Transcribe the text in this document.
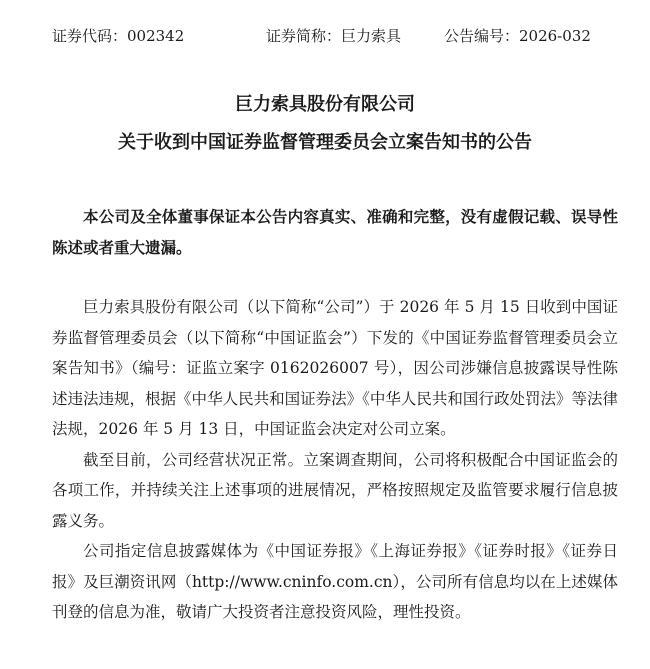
证券代码：002342	证券简称：巨力索具	公告编号：2026-032
巨力索具股份有限公司
关于收到中国证券监督管理委员会立案告知书的公告
本公司及全体董事保证本公告内容真实、准确和完整，没有虚假记载、误导性陈述或者重大遗漏。

巨力索具股份有限公司（以下简称“公司”）于 2026 年 5 月 15 日收到中国证券监督管理委员会（以下简称“中国证监会”）下发的《中国证券监督管理委员会立案告知书》（编号：证监立案字 0162026007 号），因公司涉嫌信息披露误导性陈述违法违规，根据《中华人民共和国证券法》《中华人民共和国行政处罚法》等法律法规，2026 年 5 月 13 日，中国证监会决定对公司立案。

截至目前，公司经营状况正常。立案调查期间，公司将积极配合中国证监会的各项工作，并持续关注上述事项的进展情况，严格按照规定及监管要求履行信息披露义务。

公司指定信息披露媒体为《中国证券报》《上海证券报》《证券时报》《证券日报》及巨潮资讯网（http://www.cninfo.com.cn），公司所有信息均以在上述媒体刊登的信息为准，敬请广大投资者注意投资风险，理性投资。
